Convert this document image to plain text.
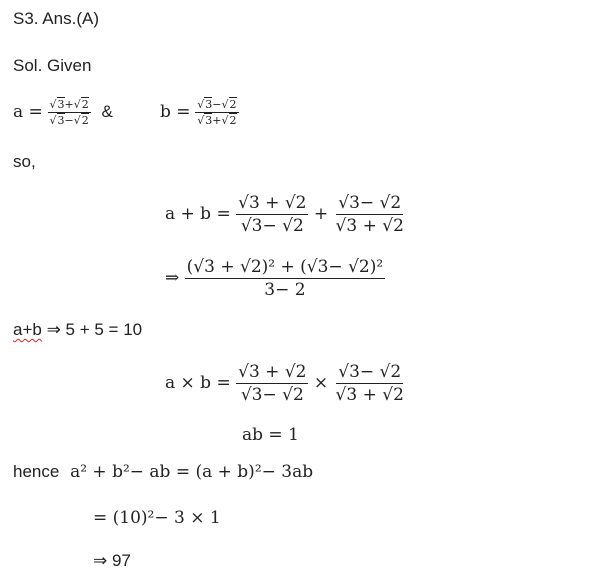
S3. Ans.(A)
Sol. Given
$a = \frac{√3+√2}{√3-√2}$ &	$b = \frac{√3-√2}{√3+√2}$
so,
$a + b = \frac{√3 + √2}{√3- √2} + \frac{√3- √2}{√3 + √2}$
⇒ $\frac{\text{(√3 + √2)² + (√3− √2)²}}{3- 2}$
a+b ⇒ 5 + 5 = 10
$a \times b = \frac{√3 + √2}{√3- √2} \times \frac{√3- √2}{√3 + √2}$
ab = 1
hence a² + b²− ab = (a + b)²− 3ab
= (10)²− 3 × 1
⇒ 97
